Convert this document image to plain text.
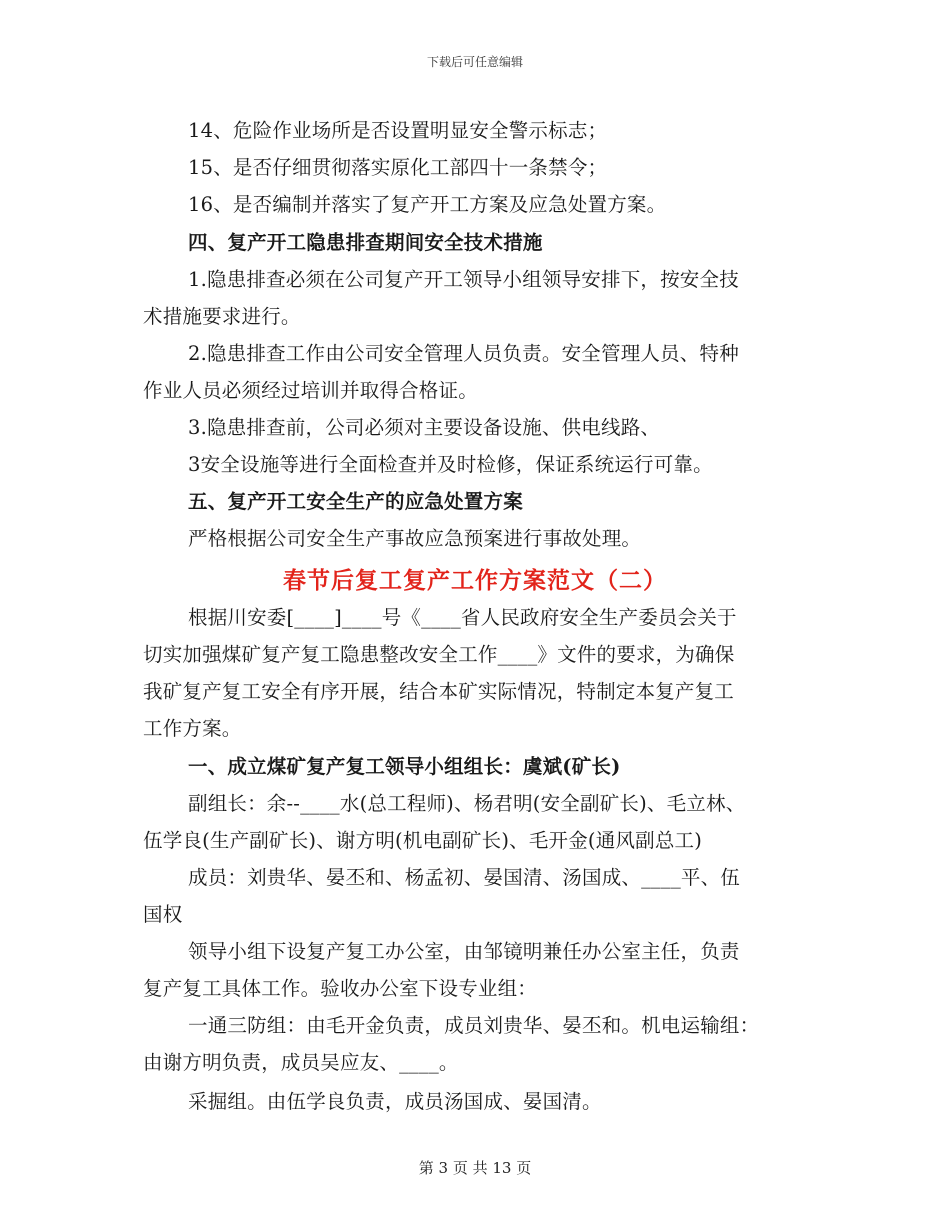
下载后可任意编辑
14、危险作业场所是否设置明显安全警示标志；
15、是否仔细贯彻落实原化工部四十一条禁令；
16、是否编制并落实了复产开工方案及应急处置方案。
四、复产开工隐患排查期间安全技术措施
1.隐患排查必须在公司复产开工领导小组领导安排下，按安全技
术措施要求进行。
2.隐患排查工作由公司安全管理人员负责。安全管理人员、特种
作业人员必须经过培训并取得合格证。
3.隐患排查前，公司必须对主要设备设施、供电线路、
3安全设施等进行全面检查并及时检修，保证系统运行可靠。
五、复产开工安全生产的应急处置方案
严格根据公司安全生产事故应急预案进行事故处理。
春节后复工复产工作方案范文（二）
根据川安委[____]____号《____省人民政府安全生产委员会关于
切实加强煤矿复产复工隐患整改安全工作____》文件的要求，为确保
我矿复产复工安全有序开展，结合本矿实际情况，特制定本复产复工
工作方案。
一、成立煤矿复产复工领导小组组长：虞斌(矿长)
副组长：余--____水(总工程师)、杨君明(安全副矿长)、毛立林、
伍学良(生产副矿长)、谢方明(机电副矿长)、毛开金(通风副总工)
成员：刘贵华、晏丕和、杨孟初、晏国清、汤国成、____平、伍
国权
领导小组下设复产复工办公室，由邹镜明兼任办公室主任，负责
复产复工具体工作。验收办公室下设专业组：
一通三防组：由毛开金负责，成员刘贵华、晏丕和。机电运输组：
由谢方明负责，成员吴应友、____。
采掘组。由伍学良负责，成员汤国成、晏国清。
第 3 页 共 13 页
